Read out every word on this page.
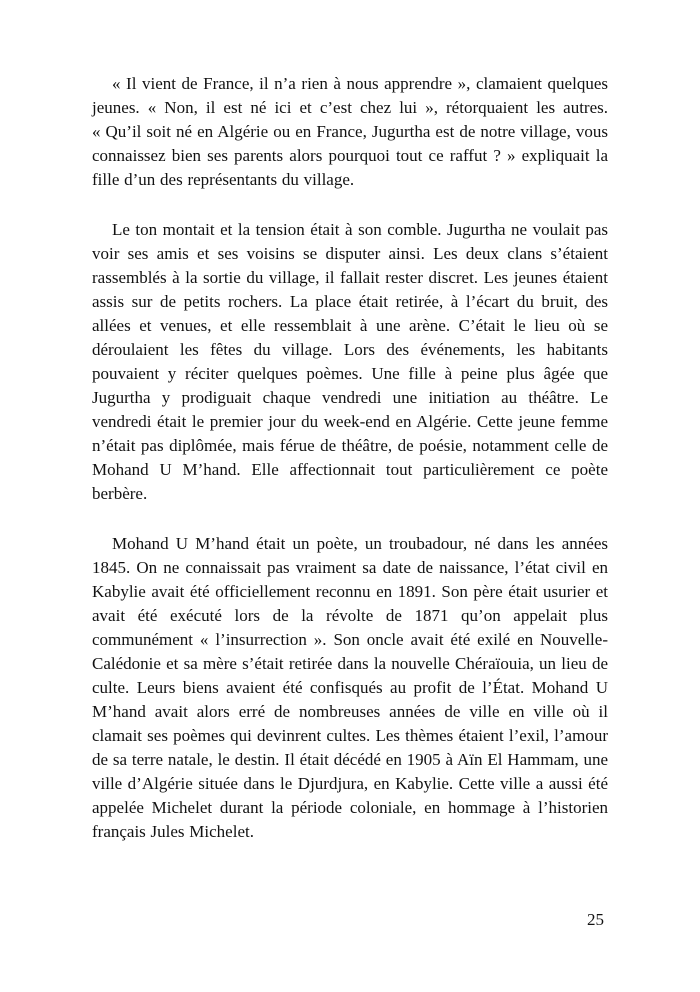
« Il vient de France, il n’a rien à nous apprendre », clamaient quelques jeunes. « Non, il est né ici et c’est chez lui », rétorquaient les autres. « Qu’il soit né en Algérie ou en France, Jugurtha est de notre village, vous connaissez bien ses parents alors pourquoi tout ce raffut ? » expliquait la fille d’un des représentants du village.

Le ton montait et la tension était à son comble. Jugurtha ne voulait pas voir ses amis et ses voisins se disputer ainsi. Les deux clans s’étaient rassemblés à la sortie du village, il fallait rester discret. Les jeunes étaient assis sur de petits rochers. La place était retirée, à l’écart du bruit, des allées et venues, et elle ressemblait à une arène. C’était le lieu où se déroulaient les fêtes du village. Lors des événements, les habitants pouvaient y réciter quelques poèmes. Une fille à peine plus âgée que Jugurtha y prodiguait chaque vendredi une initiation au théâtre. Le vendredi était le premier jour du week-end en Algérie. Cette jeune femme n’était pas diplômée, mais férue de théâtre, de poésie, notamment celle de Mohand U M’hand. Elle affectionnait tout particulièrement ce poète berbère.

Mohand U M’hand était un poète, un troubadour, né dans les années 1845. On ne connaissait pas vraiment sa date de naissance, l’état civil en Kabylie avait été officiellement reconnu en 1891. Son père était usurier et avait été exécuté lors de la révolte de 1871 qu’on appelait plus communément « l’insurrection ». Son oncle avait été exilé en Nouvelle-Calédonie et sa mère s’était retirée dans la nouvelle Chéraïouia, un lieu de culte. Leurs biens avaient été confisqués au profit de l’État. Mohand U M’hand avait alors erré de nombreuses années de ville en ville où il clamait ses poèmes qui devinrent cultes. Les thèmes étaient l’exil, l’amour de sa terre natale, le destin. Il était décédé en 1905 à Aïn El Hammam, une ville d’Algérie située dans le Djurdjura, en Kabylie. Cette ville a aussi été appelée Michelet durant la période coloniale, en hommage à l’historien français Jules Michelet.

25
